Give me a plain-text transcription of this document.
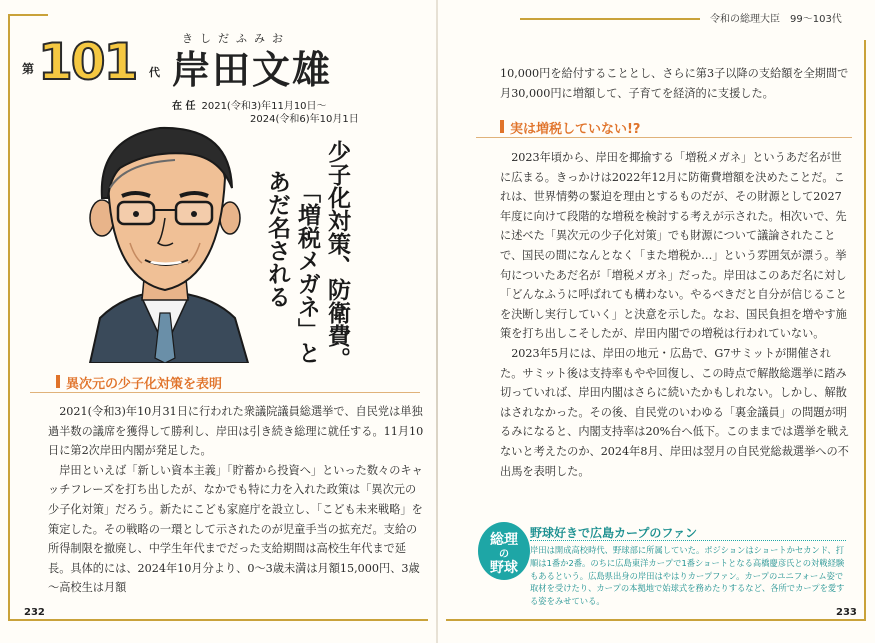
令和の総理大臣　99～103代
第 101 代
きしだふみお
岸田文雄
在 任 2021(令和3)年11月10日～
2024(令和6)年10月1日
少子化対策、防衛費。
「増税メガネ」と
あだ名される
異次元の少子化対策を表明

2021(令和3)年10月31日に行われた衆議院議員総選挙で、自民党は単独過半数の議席を獲得して勝利し、岸田は引き続き総理に就任する。11月10日に第2次岸田内閣が発足した。

岸田といえば「新しい資本主義」「貯蓄から投資へ」といった数々のキャッチフレーズを打ち出したが、なかでも特に力を入れた政策は「異次元の少子化対策」だろう。新たにこども家庭庁を設立し、「こども未来戦略」を策定した。その戦略の一環として示されたのが児童手当の拡充だ。支給の所得制限を撤廃し、中学生年代までだった支給期間は高校生年代まで延長。具体的には、2024年10月分より、0～3歳未満は月額15,000円、3歳～高校生は月額

232

10,000円を給付することとし、さらに第3子以降の支給額を全期間で月30,000円に増額して、子育てを経済的に支援した。

実は増税していない!?

2023年頃から、岸田を揶揄する「増税メガネ」というあだ名が世に広まる。きっかけは2022年12月に防衛費増額を決めたことだ。これは、世界情勢の緊迫を理由とするものだが、その財源として2027年度に向けて段階的な増税を検討する考えが示された。相次いで、先に述べた「異次元の少子化対策」でも財源について議論されたことで、国民の間になんとなく「また増税か…」という雰囲気が漂う。挙句についたあだ名が「増税メガネ」だった。岸田はこのあだ名に対し「どんなふうに呼ばれても構わない。やるべきだと自分が信じることを決断し実行していく」と決意を示した。なお、国民負担を増やす施策を打ち出しこそしたが、岸田内閣での増税は行われていない。

2023年5月には、岸田の地元・広島で、G7サミットが開催された。サミット後は支持率もやや回復し、この時点で解散総選挙に踏み切っていれば、岸田内閣はさらに続いたかもしれない。しかし、解散はされなかった。その後、自民党のいわゆる「裏金議員」の問題が明るみになると、内閣支持率は20%台へ低下。このままでは選挙を戦えないと考えたのか、2024年8月、岸田は翌月の自民党総裁選挙への不出馬を表明した。

総理
の
野球
野球好きで広島カープのファン
岸田は開成高校時代、野球部に所属していた。ポジションはショートかセカンド、打順は1番か2番。のちに広島東洋カープで1番ショートとなる高橋慶彦氏との対戦経験もあるという。広島県出身の岸田はやはりカープファン。カープのユニフォーム姿で取材を受けたり、カープの本拠地で始球式を務めたりするなど、各所でカープを愛する姿をみせている。
233
